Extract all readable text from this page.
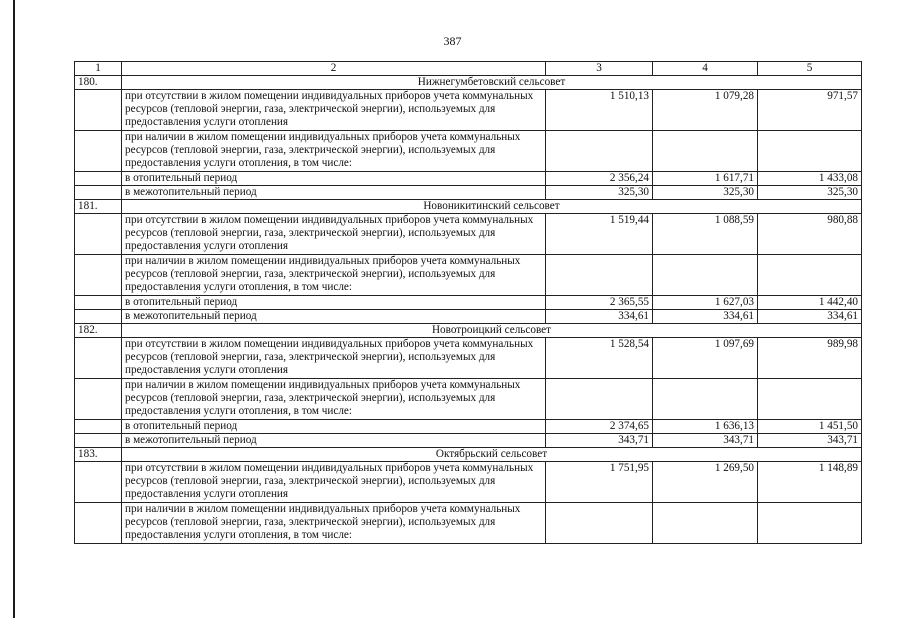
387
1	2	3	4	5
180.	Нижнегумбетовский сельсовет			
	при отсутствии в жилом помещении индивидуальных приборов учета коммунальных ресурсов (тепловой энергии, газа, электрической энергии), используемых для предоставления услуги отопления	1 510,13	1 079,28	971,57
	при наличии в жилом помещении индивидуальных приборов учета коммунальных ресурсов (тепловой энергии, газа, электрической энергии), используемых для предоставления услуги отопления, в том числе:			
	в отопительный период	2 356,24	1 617,71	1 433,08
	в межотопительный период	325,30	325,30	325,30
181.	Новоникитинский сельсовет			
	при отсутствии в жилом помещении индивидуальных приборов учета коммунальных ресурсов (тепловой энергии, газа, электрической энергии), используемых для предоставления услуги отопления	1 519,44	1 088,59	980,88
	при наличии в жилом помещении индивидуальных приборов учета коммунальных ресурсов (тепловой энергии, газа, электрической энергии), используемых для предоставления услуги отопления, в том числе:			
	в отопительный период	2 365,55	1 627,03	1 442,40
	в межотопительный период	334,61	334,61	334,61
182.	Новотроицкий сельсовет			
	при отсутствии в жилом помещении индивидуальных приборов учета коммунальных ресурсов (тепловой энергии, газа, электрической энергии), используемых для предоставления услуги отопления	1 528,54	1 097,69	989,98
	при наличии в жилом помещении индивидуальных приборов учета коммунальных ресурсов (тепловой энергии, газа, электрической энергии), используемых для предоставления услуги отопления, в том числе:			
	в отопительный период	2 374,65	1 636,13	1 451,50
	в межотопительный период	343,71	343,71	343,71
183.	Октябрьский сельсовет			
	при отсутствии в жилом помещении индивидуальных приборов учета коммунальных ресурсов (тепловой энергии, газа, электрической энергии), используемых для предоставления услуги отопления	1 751,95	1 269,50	1 148,89
	при наличии в жилом помещении индивидуальных приборов учета коммунальных ресурсов (тепловой энергии, газа, электрической энергии), используемых для предоставления услуги отопления, в том числе:			
